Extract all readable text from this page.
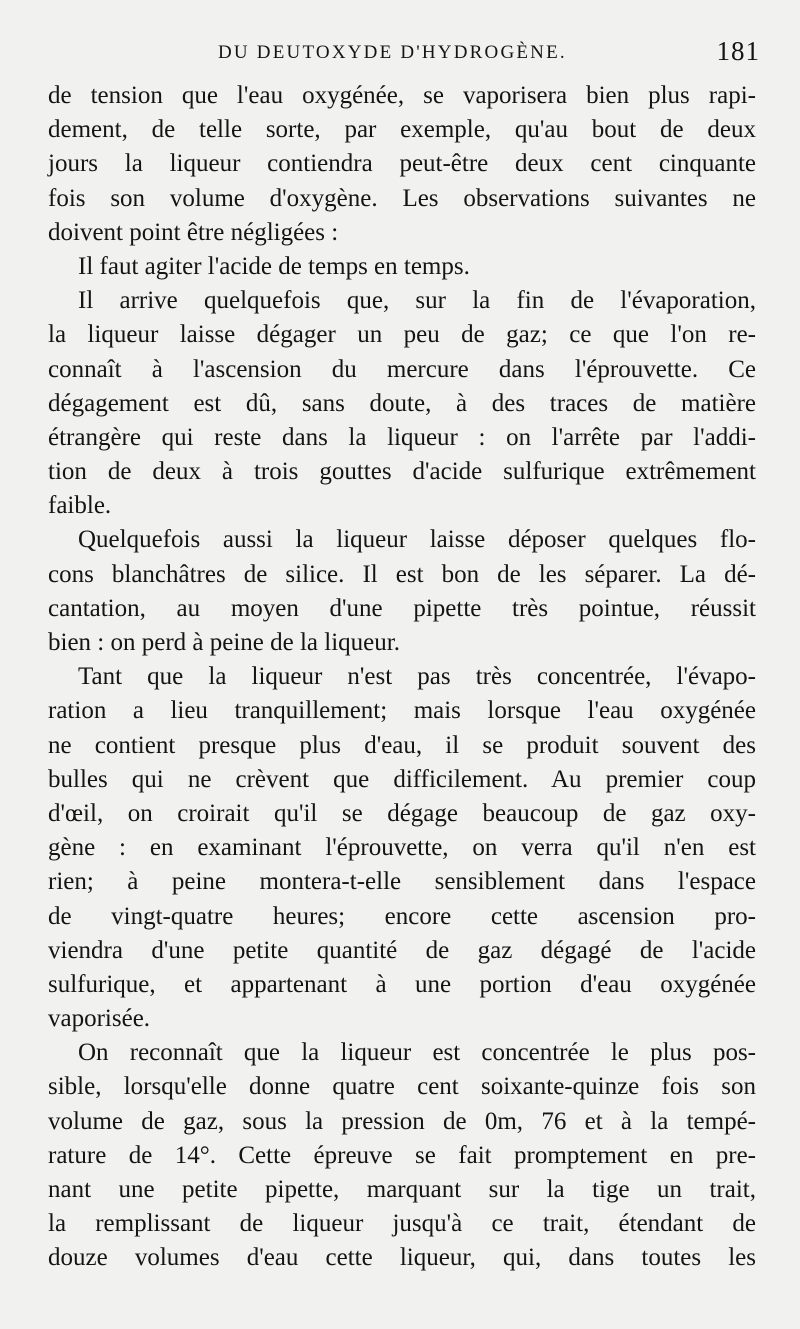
DU DEUTOXYDE D'HYDROGÈNE.	181
de tension que l'eau oxygénée, se vaporisera bien plus rapi-
dement, de telle sorte, par exemple, qu'au bout de deux
jours la liqueur contiendra peut-être deux cent cinquante
fois son volume d'oxygène. Les observations suivantes ne
doivent point être négligées :
Il faut agiter l'acide de temps en temps.
Il arrive quelquefois que, sur la fin de l'évaporation,
la liqueur laisse dégager un peu de gaz; ce que l'on re-
connaît à l'ascension du mercure dans l'éprouvette. Ce
dégagement est dû, sans doute, à des traces de matière
étrangère qui reste dans la liqueur : on l'arrête par l'addi-
tion de deux à trois gouttes d'acide sulfurique extrêmement
faible.
Quelquefois aussi la liqueur laisse déposer quelques flo-
cons blanchâtres de silice. Il est bon de les séparer. La dé-
cantation, au moyen d'une pipette très pointue, réussit
bien : on perd à peine de la liqueur.
Tant que la liqueur n'est pas très concentrée, l'évapo-
ration a lieu tranquillement; mais lorsque l'eau oxygénée
ne contient presque plus d'eau, il se produit souvent des
bulles qui ne crèvent que difficilement. Au premier coup
d'œil, on croirait qu'il se dégage beaucoup de gaz oxy-
gène : en examinant l'éprouvette, on verra qu'il n'en est
rien; à peine montera-t-elle sensiblement dans l'espace
de vingt-quatre heures; encore cette ascension pro-
viendra d'une petite quantité de gaz dégagé de l'acide
sulfurique, et appartenant à une portion d'eau oxygénée
vaporisée.
On reconnaît que la liqueur est concentrée le plus pos-
sible, lorsqu'elle donne quatre cent soixante-quinze fois son
volume de gaz, sous la pression de 0m, 76 et à la tempé-
rature de 14°. Cette épreuve se fait promptement en pre-
nant une petite pipette, marquant sur la tige un trait,
la remplissant de liqueur jusqu'à ce trait, étendant de
douze volumes d'eau cette liqueur, qui, dans toutes les
